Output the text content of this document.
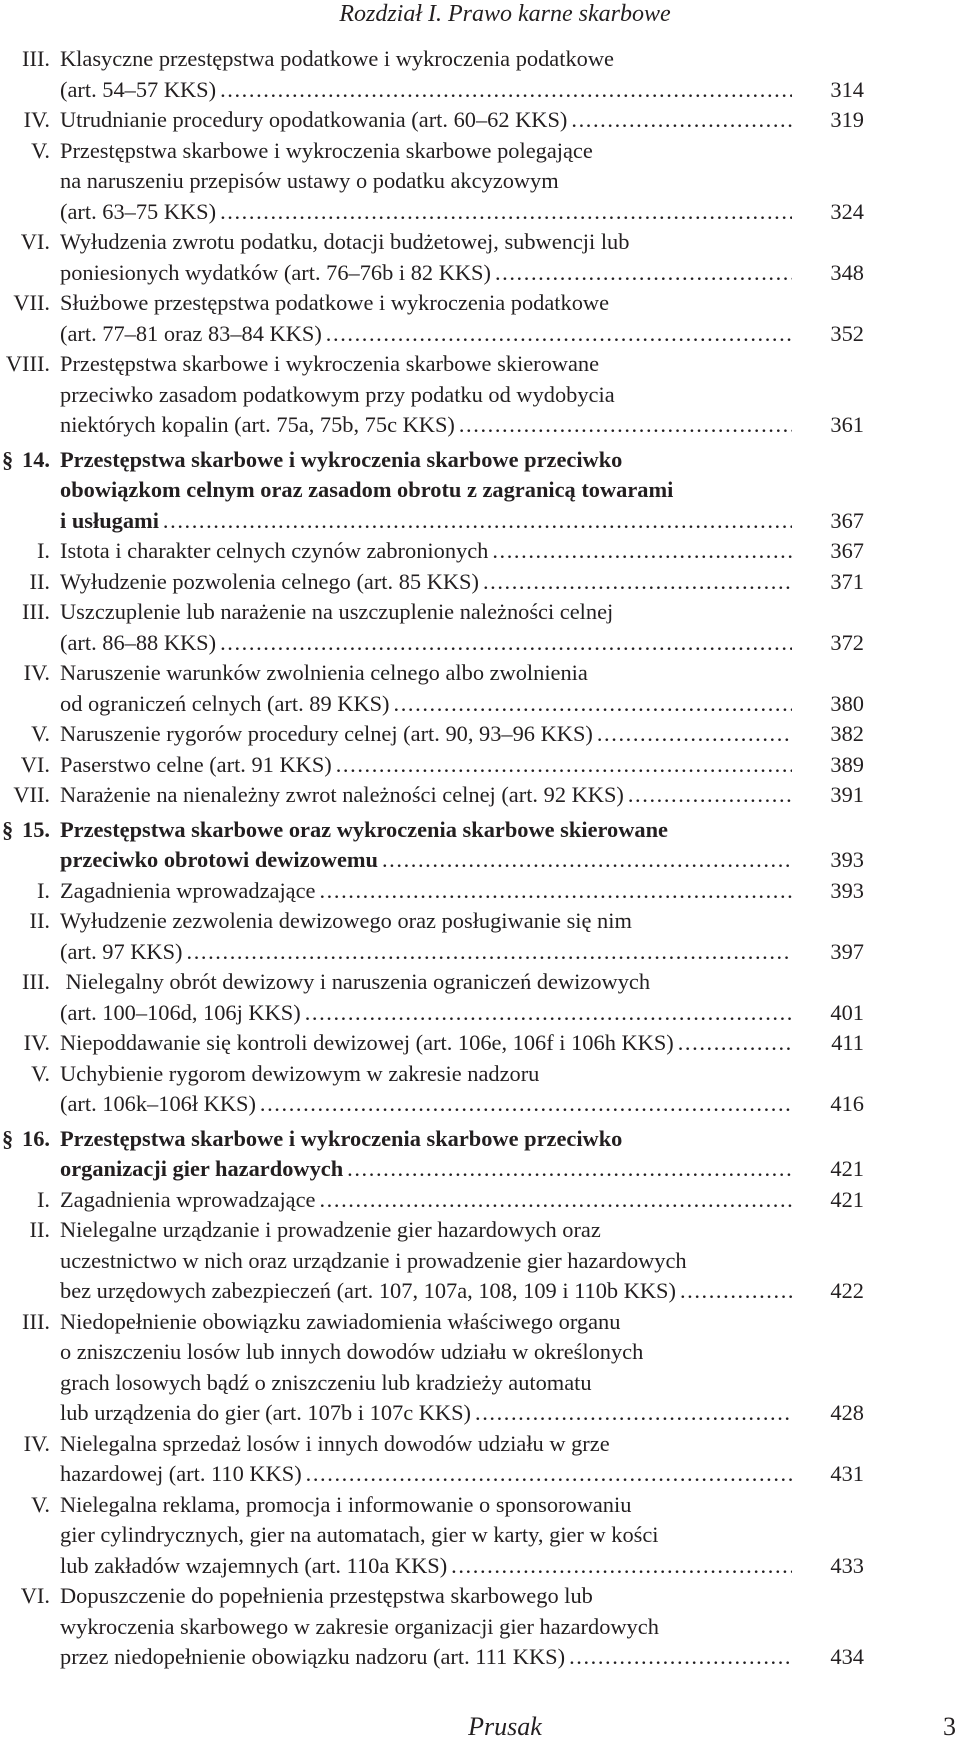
Rozdział I. Prawo karne skarbowe
III. Klasyczne przestępstwa podatkowe i wykroczenia podatkowe
(art. 54–57 KKS) . . .	314
IV. Utrudnianie procedury opodatkowania (art. 60–62 KKS) . . .	319
V. Przestępstwa skarbowe i wykroczenia skarbowe polegające
na naruszeniu przepisów ustawy o podatku akcyzowym
(art. 63–75 KKS) . . .	324
VI. Wyłudzenia zwrotu podatku, dotacji budżetowej, subwencji lub
poniesionych wydatków (art. 76–76b i 82 KKS) . . .	348
VII. Służbowe przestępstwa podatkowe i wykroczenia podatkowe
(art. 77–81 oraz 83–84 KKS) . . .	352
VIII. Przestępstwa skarbowe i wykroczenia skarbowe skierowane
przeciwko zasadom podatkowym przy podatku od wydobycia
niektórych kopalin (art. 75a, 75b, 75c KKS) . . .	361
§ 14. Przestępstwa skarbowe i wykroczenia skarbowe przeciwko
obowiązkom celnym oraz zasadom obrotu z zagranicą towarami
i usługami . . .	367
I. Istota i charakter celnych czynów zabronionych . . .	367
II. Wyłudzenie pozwolenia celnego (art. 85 KKS) . . .	371
III. Uszczuplenie lub narażenie na uszczuplenie należności celnej
(art. 86–88 KKS) . . .	372
IV. Naruszenie warunków zwolnienia celnego albo zwolnienia
od ograniczeń celnych (art. 89 KKS) . . .	380
V. Naruszenie rygorów procedury celnej (art. 90, 93–96 KKS) . . .	382
VI. Paserstwo celne (art. 91 KKS) . . .	389
VII. Narażenie na nienależny zwrot należności celnej (art. 92 KKS) . . .	391
§ 15. Przestępstwa skarbowe oraz wykroczenia skarbowe skierowane
przeciwko obrotowi dewizowemu . . .	393
I. Zagadnienia wprowadzające . . .	393
II. Wyłudzenie zezwolenia dewizowego oraz posługiwanie się nim
(art. 97 KKS) . . .	397
III. Nielegalny obrót dewizowy i naruszenia ograniczeń dewizowych
(art. 100–106d, 106j KKS) . . .	401
IV. Niepoddawanie się kontroli dewizowej (art. 106e, 106f i 106h KKS) . . .	411
V. Uchybienie rygorom dewizowym w zakresie nadzoru
(art. 106k–106ł KKS) . . .	416
§ 16. Przestępstwa skarbowe i wykroczenia skarbowe przeciwko
organizacji gier hazardowych . . .	421
I. Zagadnienia wprowadzające . . .	421
II. Nielegalne urządzanie i prowadzenie gier hazardowych oraz
uczestnictwo w nich oraz urządzanie i prowadzenie gier hazardowych
bez urzędowych zabezpieczeń (art. 107, 107a, 108, 109 i 110b KKS) . . .	422
III. Niedopełnienie obowiązku zawiadomienia właściwego organu
o zniszczeniu losów lub innych dowodów udziału w określonych
grach losowych bądź o zniszczeniu lub kradzieży automatu
lub urządzenia do gier (art. 107b i 107c KKS) . . .	428
IV. Nielegalna sprzedaż losów i innych dowodów udziału w grze
hazardowej (art. 110 KKS) . . .	431
V. Nielegalna reklama, promocja i informowanie o sponsorowaniu
gier cylindrycznych, gier na automatach, gier w karty, gier w kości
lub zakładów wzajemnych (art. 110a KKS) . . .	433
VI. Dopuszczenie do popełnienia przestępstwa skarbowego lub
wykroczenia skarbowego w zakresie organizacji gier hazardowych
przez niedopełnienie obowiązku nadzoru (art. 111 KKS) . . .	434
Prusak	3
